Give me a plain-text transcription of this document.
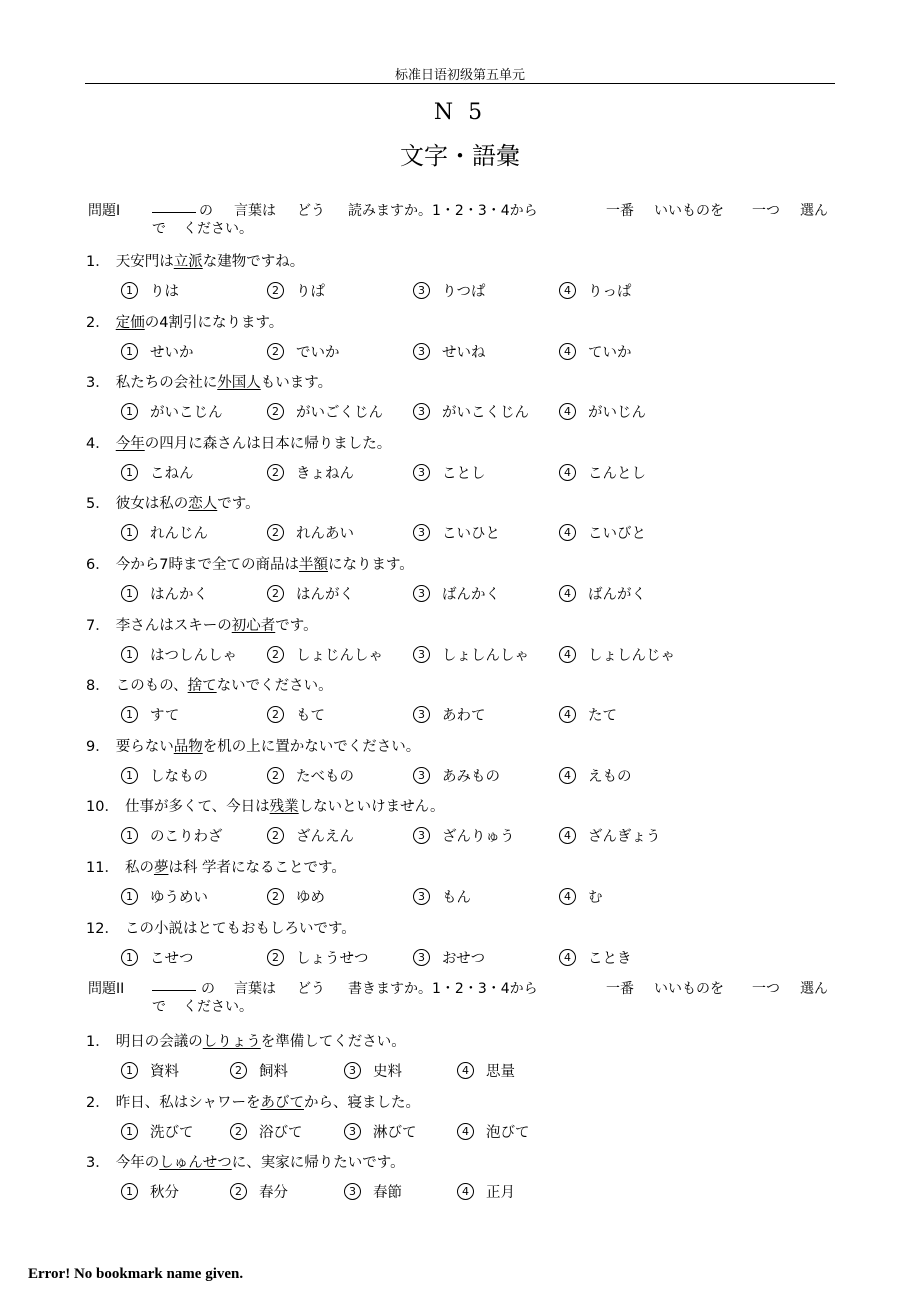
标准日语初级第五单元
N 5
文字・語彙
問題I	の 言葉は どう 読みますか。1・2・3・4から	一番 いいものを 一つ 選ん
で ください。
1． 天安門は立派な建物ですね。
1	りは	2	りぱ	3	りつぱ	4	りっぱ
2． 定価の4割引になります。
1	せいか	2	でいか	3	せいね	4	ていか
3． 私たちの会社に外国人もいます。
1	がいこじん	2	がいごくじん	3	がいこくじん	4	がいじん
4． 今年の四月に森さんは日本に帰りました。
1	こねん	2	きょねん	3	ことし	4	こんとし
5． 彼女は私の恋人です。
1	れんじん	2	れんあい	3	こいひと	4	こいびと
6． 今から7時まで全ての商品は半額になります。
1	はんかく	2	はんがく	3	ばんかく	4	ばんがく
7． 李さんはスキーの初心者です。
1	はつしんしゃ	2	しょじんしゃ	3	しょしんしゃ	4	しょしんじゃ
8． このもの、捨てないでください。
1	すて	2	もて	3	あわて	4	たて
9． 要らない品物を机の上に置かないでください。
1	しなもの	2	たべもの	3	あみもの	4	えもの
10． 仕事が多くて、今日は残業しないといけません。
1	のこりわざ	2	ざんえん	3	ざんりゅう	4	ざんぎょう
11． 私の夢は科 学者になることです。
1	ゆうめい	2	ゆめ	3	もん	4	む
12． この小説はとてもおもしろいです。
1	こせつ	2	しょうせつ	3	おせつ	4	ことき
問題II	の 言葉は どう 書きますか。1・2・3・4から	一番 いいものを 一つ 選ん
で ください。
1． 明日の会議のしりょうを準備してください。
1	資料	2	飼料	3	史料	4	思量
2． 昨日、私はシャワーをあびてから、寝ました。
1	洗びて	2	浴びて	3	淋びて	4	泡びて
3． 今年のしゅんせつに、実家に帰りたいです。
1	秋分	2	春分	3	春節	4	正月
Error! No bookmark name given.
